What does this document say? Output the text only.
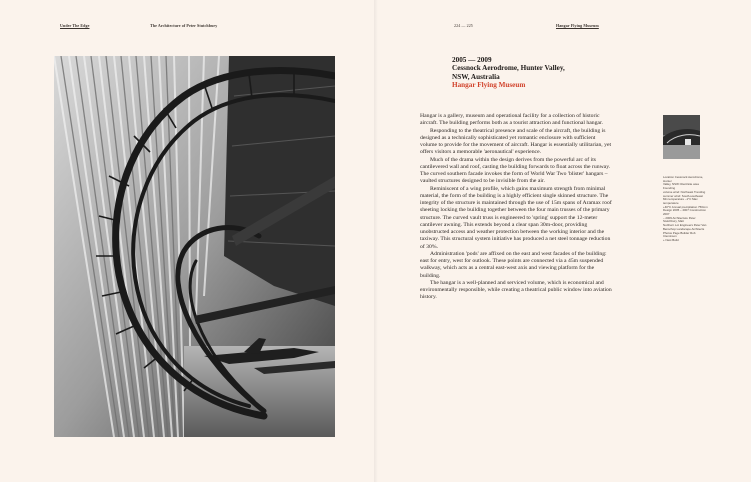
Under The Edge	The Architecture of Peter Stutchbury	224 — 225	Hangar Flying Museum
2005 — 2009
Cessnock Aerodrome, Hunter Valley,
NSW, Australia
Hangar Flying Museum

Hangar is a gallery, museum and operational facility for a collection of historic aircraft. The building performs both as a tourist attraction and functional hangar.

Responding to the theatrical presence and scale of the aircraft, the building is designed as a technically sophisticated yet romantic enclosure with sufficient volume to provide for the movement of aircraft. Hangar is essentially utilitarian, yet offers visitors a memorable 'aeronautical' experience.

Much of the drama within the design derives from the powerful arc of its cantilevered wall and roof, casting the building forwards to float across the runway. The curved southern facade invokes the form of World War Two 'blister' hangars – vaulted structures designed to be invisible from the air.

Reminiscent of a wing profile, which gains maximum strength from minimal material, the form of the building is a highly efficient single skinned structure. The integrity of the structure is maintained through the use of 15m spans of Aramax roof sheeting locking the building together between the four main trusses of the primary structure. The curved vault truss is engineered to 'spring' support the 12-meter cantilever awning. This extends beyond a clear span 30m-door, providing unobstructed access and weather protection between the working interior and the taxiway. This structural system initiative has produced a net steel tonnage reduction of 30%.

Administration 'pods' are affixed on the east and west facades of the building: east for entry, west for outlook. These points are connected via a 45m suspended walkway, which acts as a central east-west axis and viewing platform for the building.

The hangar is a well-planned and serviced volume, which is economical and environmentally responsible, while creating a theatrical public window into aviation history.

Location Cessnock Aerodrome, Hunter
Valley, NSW Client/site area Founding
volume wind: Northeast Trending
summer wind: South-southeast
Min temperature –1°C Max temperature
+40°C Annual precipitation 750mm
Design 2005 – 2007 Construction 2007
– 2009 Architecture Peter Stutchbury, Matt
Northern Lot Engineers Peter Van
Benschop Landscape Architects
Photos Page Builder Rob Cleminson
+ Nest Build
